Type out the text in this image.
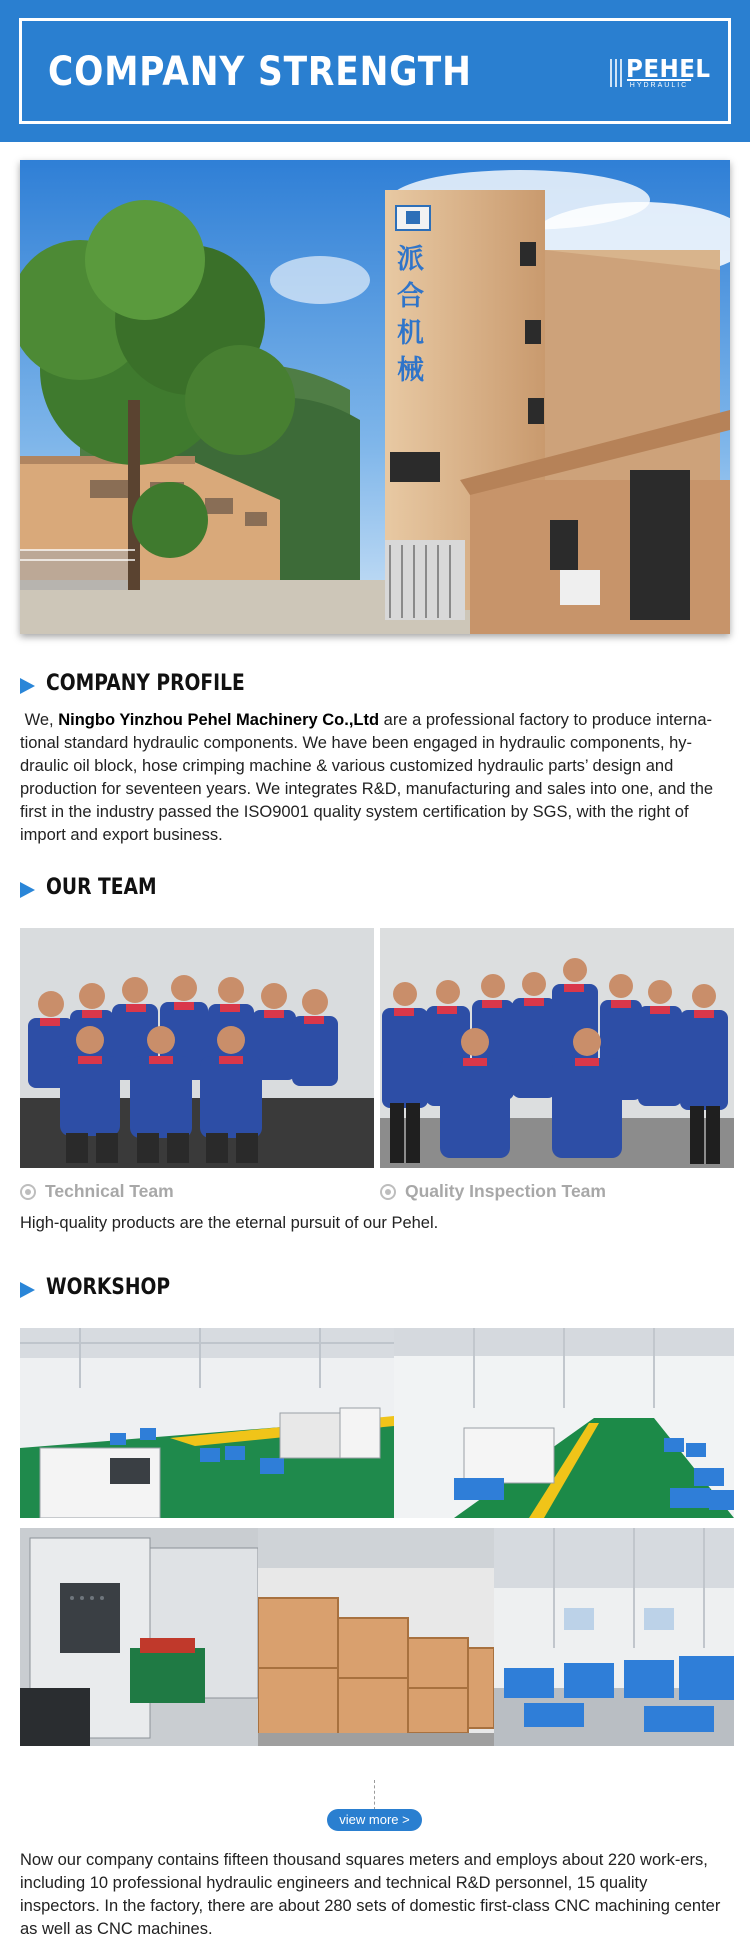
COMPANY STRENGTH	PEHEL
HYDRAULIC
派
合
机
械
COMPANY PROFILE

We, Ningbo Yinzhou Pehel Machinery Co.,Ltd are a professional factory to produce interna-tional standard hydraulic components. We have been engaged in hydraulic components, hy-draulic oil block, hose crimping machine & various customized hydraulic parts’ design and production for seventeen years. We integrates R&D, manufacturing and sales into one, and the first in the industry passed the ISO9001 quality system certification by SGS, with the right of import and export business.

OUR TEAM
Technical Team	Quality Inspection Team

High-quality products are the eternal pursuit of our Pehel.

WORKSHOP
view more >

Now our company contains fifteen thousand squares meters and employs about 220 work-ers, including 10 professional hydraulic engineers and technical R&D personnel, 15 quality inspectors. In the factory, there are about 280 sets of domestic first-class CNC machining center as well as CNC machines.
